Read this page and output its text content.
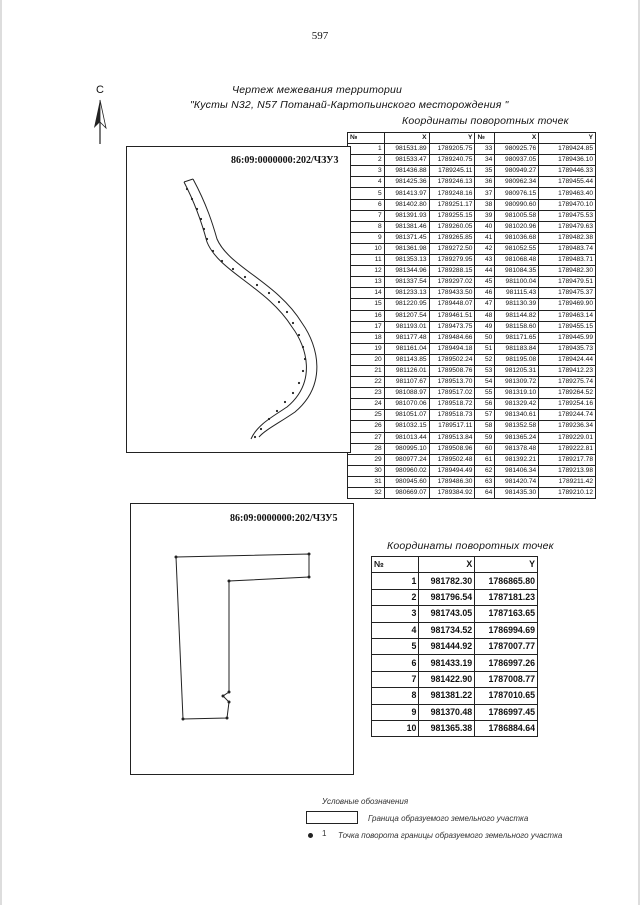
597
Чертеж межевания территории
"Кусты N32, N57 Потанай-Картопьинского месторождения "
Координаты поворотных точек
С
№	X	Y	№	X	Y
1	981531.89	1789205.75	33	980925.76	1789424.85
2	981533.47	1789240.75	34	980937.05	1789436.10
3	981436.88	1789245.11	35	980949.27	1789446.33
4	981425.36	1789246.13	36	980962.34	1789455.44
5	981413.97	1789248.16	37	980976.15	1789463.40
6	981402.80	1789251.17	38	980990.60	1789470.10
7	981391.93	1789255.15	39	981005.58	1789475.53
8	981381.46	1789260.05	40	981020.96	1789479.63
9	981371.45	1789265.85	41	981036.68	1789482.38
10	981361.98	1789272.50	42	981052.55	1789483.74
11	981353.13	1789279.95	43	981068.48	1789483.71
12	981344.96	1789288.15	44	981084.35	1789482.30
13	981337.54	1789297.02	45	981100.04	1789479.51
14	981233.13	1789433.50	46	981115.43	1789475.37
15	981220.95	1789448.07	47	981130.39	1789469.90
16	981207.54	1789461.51	48	981144.82	1789463.14
17	981193.01	1789473.75	49	981158.60	1789455.15
18	981177.48	1789484.66	50	981171.65	1789445.99
19	981161.04	1789494.18	51	981183.84	1789435.73
20	981143.85	1789502.24	52	981195.08	1789424.44
21	981126.01	1789508.76	53	981205.31	1789412.23
22	981107.67	1789513.70	54	981309.72	1789275.74
23	981088.97	1789517.02	55	981319.10	1789264.52
24	981070.06	1789518.72	56	981329.42	1789254.16
25	981051.07	1789518.73	57	981340.61	1789244.74
26	981032.15	1789517.11	58	981352.58	1789236.34
27	981013.44	1789513.84	59	981365.24	1789229.01
28	980995.10	1789508.96	60	981378.48	1789222.81
29	980977.24	1789502.48	61	981392.21	1789217.78
30	980960.02	1789494.49	62	981406.34	1789213.98
31	980945.60	1789486.30	63	981420.74	1789211.42
32	980669.07	1789384.92	64	981435.30	1789210.12
86:09:0000000:202/ЧЗУ3
86:09:0000000:202/ЧЗУ5
Координаты поворотных точек
№	X	Y
1	981782.30	1786865.80
2	981796.54	1787181.23
3	981743.05	1787163.65
4	981734.52	1786994.69
5	981444.92	1787007.77
6	981433.19	1786997.26
7	981422.90	1787008.77
8	981381.22	1787010.65
9	981370.48	1786997.45
10	981365.38	1786884.64
Условные обозначения
Граница образуемого земельного участка
1 Точка поворота границы образуемого земельного участка
